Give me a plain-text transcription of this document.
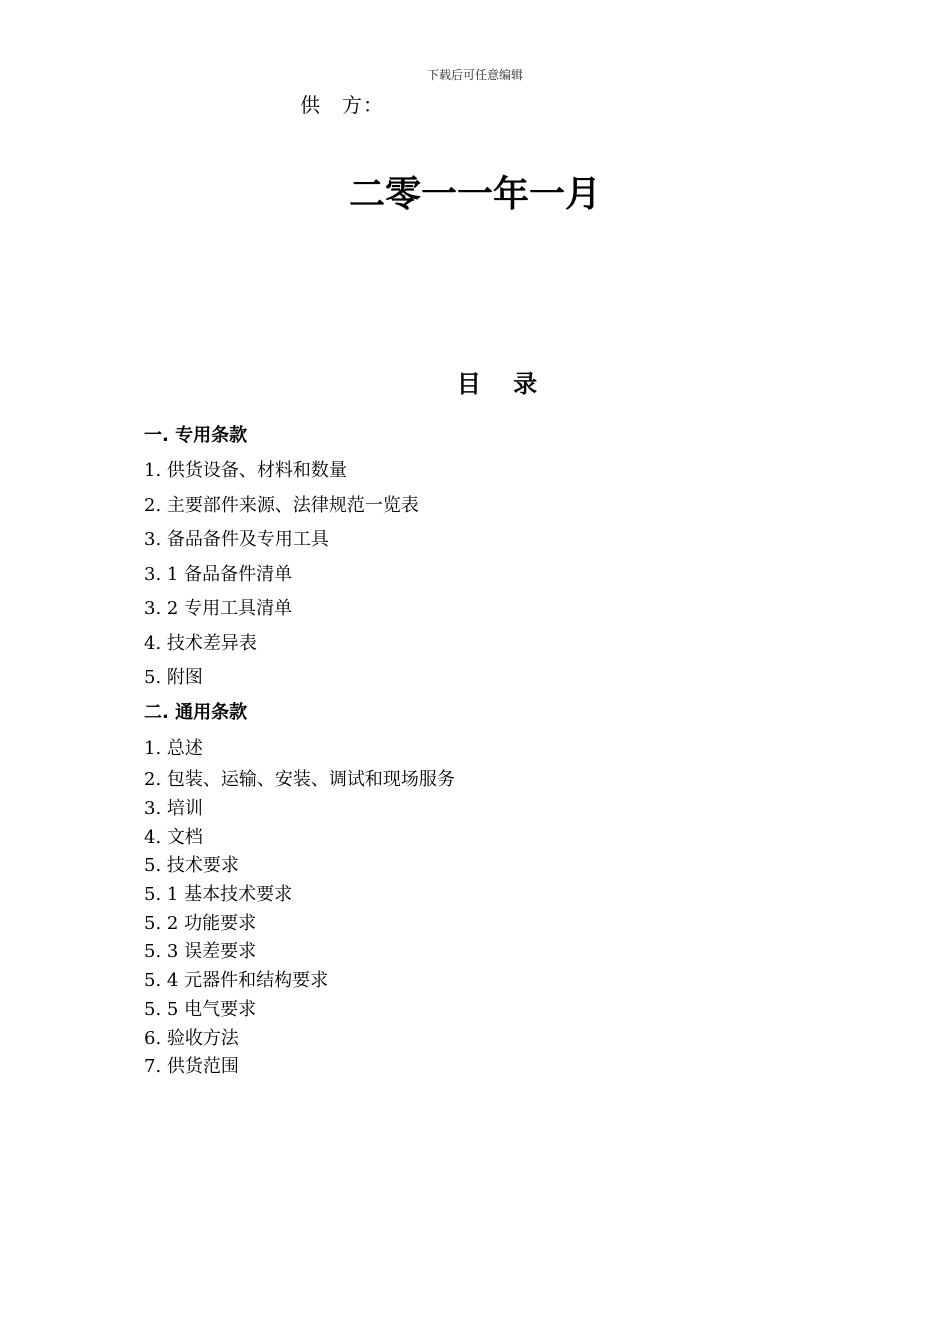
下载后可任意编辑
供　方：
二零一一年一月
目 录
一. 专用条款
1. 供货设备、材料和数量
2. 主要部件来源、法律规范一览表
3. 备品备件及专用工具
3. 1 备品备件清单
3. 2 专用工具清单
4. 技术差异表
5. 附图
二. 通用条款
1. 总述
2. 包装、运输、安装、调试和现场服务
3. 培训
4. 文档
5. 技术要求
5. 1 基本技术要求
5. 2 功能要求
5. 3 误差要求
5. 4 元器件和结构要求
5. 5 电气要求
6. 验收方法
7. 供货范围
